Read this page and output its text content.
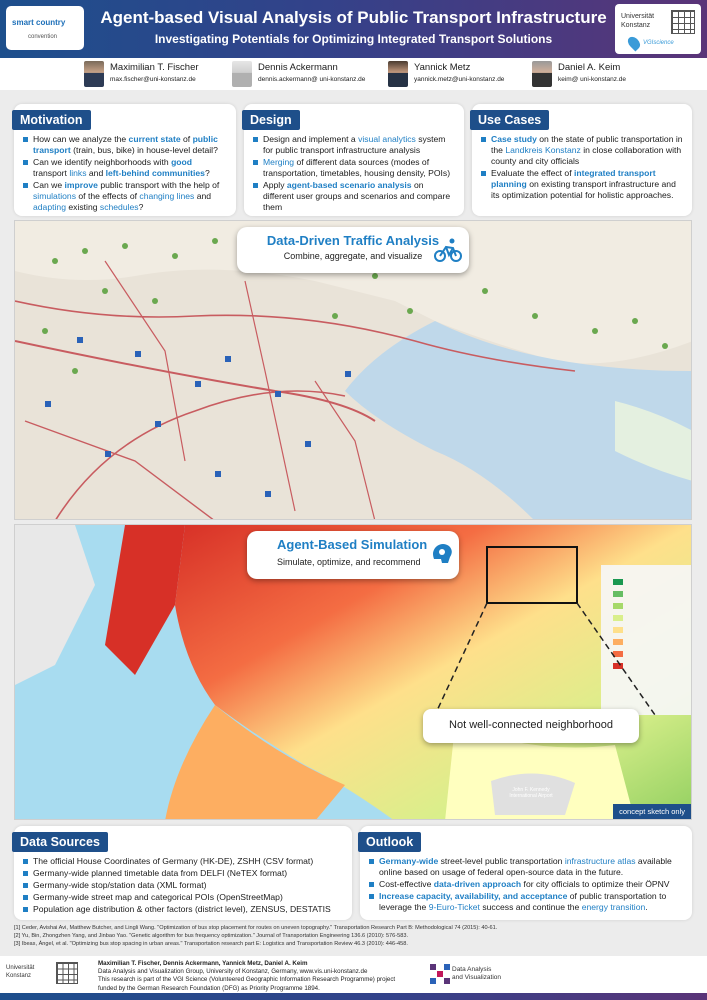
smart country
convention
Agent-based Visual Analysis of Public Transport Infrastructure
Investigating Potentials for Optimizing Integrated Transport Solutions
Universität
Konstanz
VGIscience
Maximilian T. Fischer
max.fischer@uni-konstanz.de
Dennis Ackermann
dennis.ackermann@ uni-konstanz.de
Yannick Metz
yannick.metz@uni-konstanz.de
Daniel A. Keim
keim@ uni-konstanz.de
Motivation
How can we analyze the current state of public transport (train, bus, bike) in house-level detail?
Can we identify neighborhoods with good transport links and left-behind communities?
Can we improve public transport with the help of simulations of the effects of changing lines and adapting existing schedules?
Design
Design and implement a visual analytics system for public transport infrastructure analysis
Merging of different data sources (modes of transportation, timetables, housing density, POIs)
Apply agent-based scenario analysis on different user groups and scenarios and compare them
Use Cases
Case study on the state of public transportation in the Landkreis Konstanz in close collaboration with county and city officials
Evaluate the effect of integrated transport planning on existing transport infrastructure and its optimization potential for holistic approaches.
Data-Driven Traffic Analysis
Combine, aggregate, and visualize
Agent-Based Simulation
Simulate, optimize, and recommend
Not well-connected neighborhood
John F. Kennedy International Airport
concept sketch only
Data Sources
The official House Coordinates of Germany (HK-DE), ZSHH (CSV format)
Germany-wide planned timetable data from DELFI (NeTEX format)
Germany-wide stop/station data (XML format)
Germany-wide street map and categorical POIs (OpenStreetMap)
Population age distribution & other factors (district level), ZENSUS, DESTATIS
Outlook
Germany-wide street-level public transportation infrastructure atlas available online based on usage of federal open-source data in the future.
Cost-effective data-driven approach for city officials to optimize their ÖPNV
Increase capacity, availability, and acceptance of public transportation to leverage the 9-Euro-Ticket success and continue the energy transition.
[1] Ceder, Avishai Avi, Matthew Butcher, and Lingli Wang. "Optimization of bus stop placement for routes on uneven topography." Transportation Research Part B: Methodological 74 (2015): 40-61.
[2] Yu, Bin, Zhongzhen Yang, and Jinbao Yao. "Genetic algorithm for bus frequency optimization." Journal of Transportation Engineering 136.6 (2010): 576-583.
[3] Ibeas, Ángel, et al. "Optimizing bus stop spacing in urban areas." Transportation research part E: Logistics and Transportation Review 46.3 (2010): 446-458.
Universität
Konstanz
Maximilian T. Fischer, Dennis Ackermann, Yannick Metz, Daniel A. Keim
Data Analysis and Visualization Group, University of Konstanz, Germany, www.vis.uni-konstanz.de
This research is part of the VGI Science (Volunteered Geographic Information Research Programme) project
funded by the German Research Foundation (DFG) as Priority Programme 1894.
Data Analysis
and Visualization
October 18-20th, 2022, Berlin, Germany
